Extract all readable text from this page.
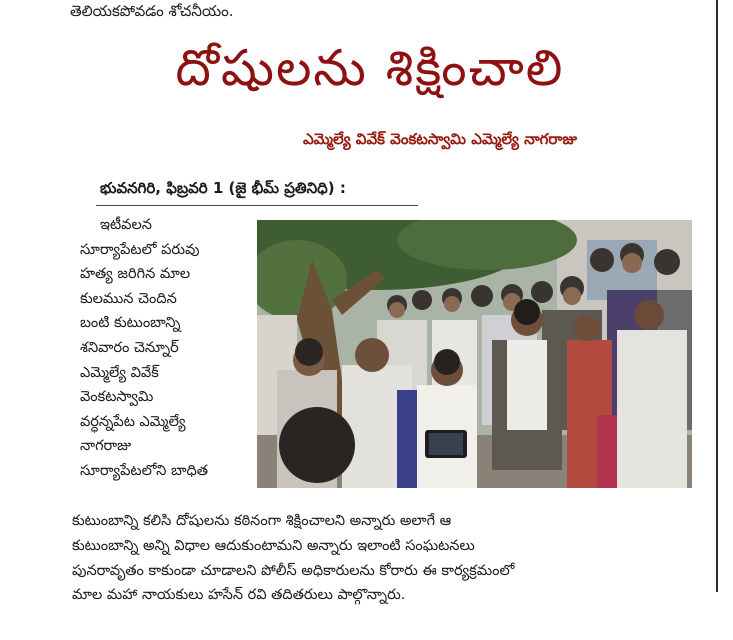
తెలియకపోవడం శోచనీయం.
దోషులను శిక్షించాలి
ఎమ్మెల్యే వివేక్ వెంకటస్వామి ఎమ్మెల్యే నాగరాజు
భువనగిరి, ఫిబ్రవరి 1 (జై భీమ్ ప్రతినిధి) :
ఇటీవలన
సూర్యాపేటలో పరువు
హత్య జరిగిన మాల
కులమున చెందిన
బంటి కుటుంబాన్ని
శనివారం చెన్నూర్
ఎమ్మెల్యే వివేక్
వెంకటస్వామి
వర్ధన్నపేట ఎమ్మెల్యే
నాగరాజు
సూర్యాపేటలోని బాధిత
కుటుంబాన్ని కలిసి దోషులను కఠినంగా శిక్షించాలని అన్నారు అలాగే ఆ
కుటుంబాన్ని అన్ని విధాల ఆదుకుంటామని అన్నారు ఇలాంటి సంఘటనలు
పునరావృతం కాకుండా చూడాలని పోలీస్ అధికారులను కోరారు ఈ కార్యక్రమంలో
మాల మహా నాయకులు హసేన్ రవి తదితరులు పాల్గొన్నారు.
